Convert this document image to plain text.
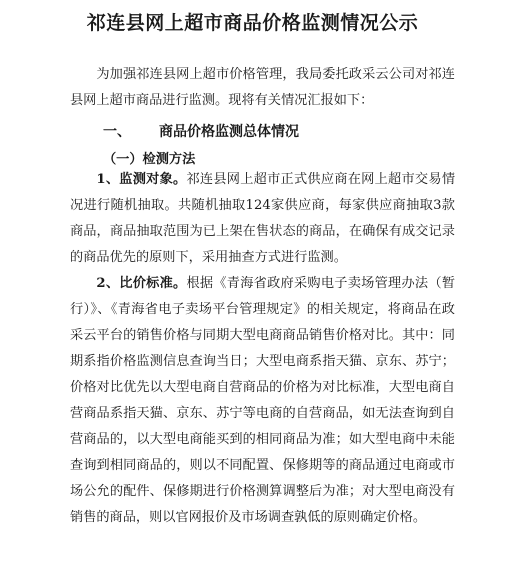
祁连县网上超市商品价格监测情况公示
为加强祁连县网上超市价格管理，我局委托政采云公司对祁连县网上超市商品进行监测。现将有关情况汇报如下：
一、 商品价格监测总体情况
（一）检测方法
1、监测对象。祁连县网上超市正式供应商在网上超市交易情况进行随机抽取。共随机抽取124家供应商，每家供应商抽取3款商品，商品抽取范围为已上架在售状态的商品，在确保有成交记录的商品优先的原则下，采用抽查方式进行监测。
2、比价标准。根据《青海省政府采购电子卖场管理办法（暂行）》、《青海省电子卖场平台管理规定》的相关规定，将商品在政采云平台的销售价格与同期大型电商商品销售价格对比。其中：同期系指价格监测信息查询当日；大型电商系指天猫、京东、苏宁；价格对比优先以大型电商自营商品的价格为对比标准，大型电商自营商品系指天猫、京东、苏宁等电商的自营商品，如无法查询到自营商品的，以大型电商能买到的相同商品为准；如大型电商中未能查询到相同商品的，则以不同配置、保修期等的商品通过电商或市场公允的配件、保修期进行价格测算调整后为准；对大型电商没有销售的商品，则以官网报价及市场调查孰低的原则确定价格。
